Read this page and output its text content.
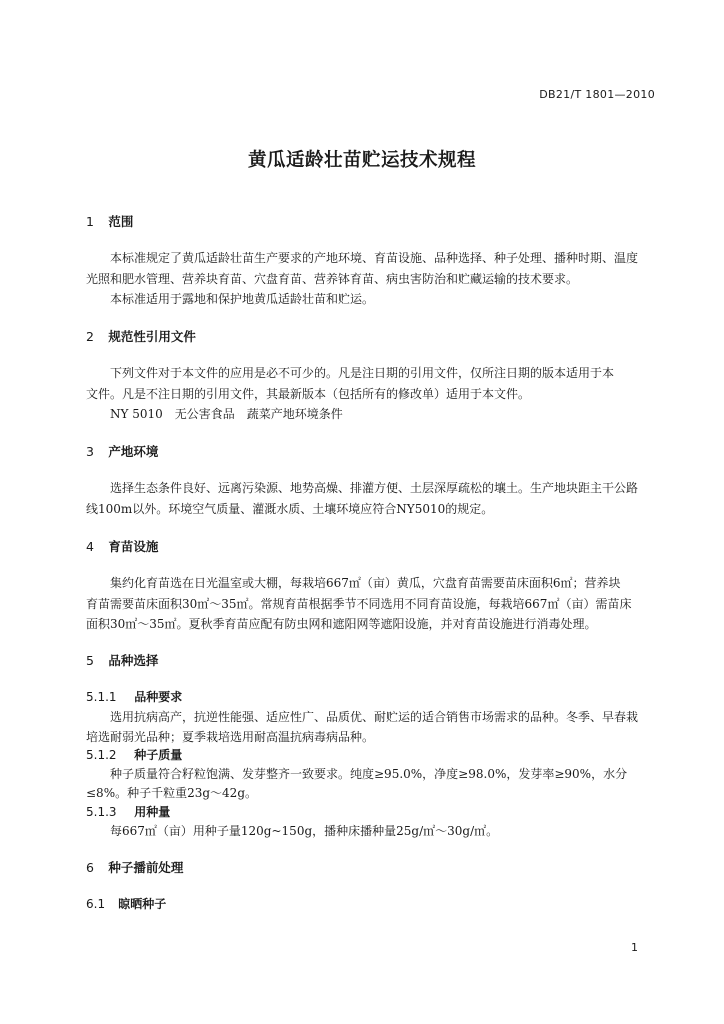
DB21/T 1801—2010
黄瓜适龄壮苗贮运技术规程
1 范围
本标准规定了黄瓜适龄壮苗生产要求的产地环境、育苗设施、品种选择、种子处理、播种时期、温度
光照和肥水管理、营养块育苗、穴盘育苗、营养钵育苗、病虫害防治和贮藏运输的技术要求。
本标准适用于露地和保护地黄瓜适龄壮苗和贮运。
2 规范性引用文件
下列文件对于本文件的应用是必不可少的。凡是注日期的引用文件，仅所注日期的版本适用于本
文件。凡是不注日期的引用文件，其最新版本（包括所有的修改单）适用于本文件。
NY 5010　无公害食品　蔬菜产地环境条件
3 产地环境
选择生态条件良好、远离污染源、地势高燥、排灌方便、土层深厚疏松的壤土。生产地块距主干公路
线100m以外。环境空气质量、灌溉水质、土壤环境应符合NY5010的规定。
4 育苗设施
集约化育苗选在日光温室或大棚，每栽培667㎡（亩）黄瓜，穴盘育苗需要苗床面积6㎡；营养块
育苗需要苗床面积30㎡～35㎡。常规育苗根据季节不同选用不同育苗设施，每栽培667㎡（亩）需苗床
面积30㎡～35㎡。夏秋季育苗应配有防虫网和遮阳网等遮阳设施，并对育苗设施进行消毒处理。
5 品种选择
5.1.1 品种要求
选用抗病高产，抗逆性能强、适应性广、品质优、耐贮运的适合销售市场需求的品种。冬季、早春栽
培选耐弱光品种；夏季栽培选用耐高温抗病毒病品种。
5.1.2 种子质量
种子质量符合籽粒饱满、发芽整齐一致要求。纯度≥95.0%，净度≥98.0%，发芽率≥90%，水分
≤8%。种子千粒重23g～42g。
5.1.3 用种量
每667㎡（亩）用种子量120g~150g，播种床播种量25g/㎡～30g/㎡。
6 种子播前处理
6.1 晾晒种子
1
